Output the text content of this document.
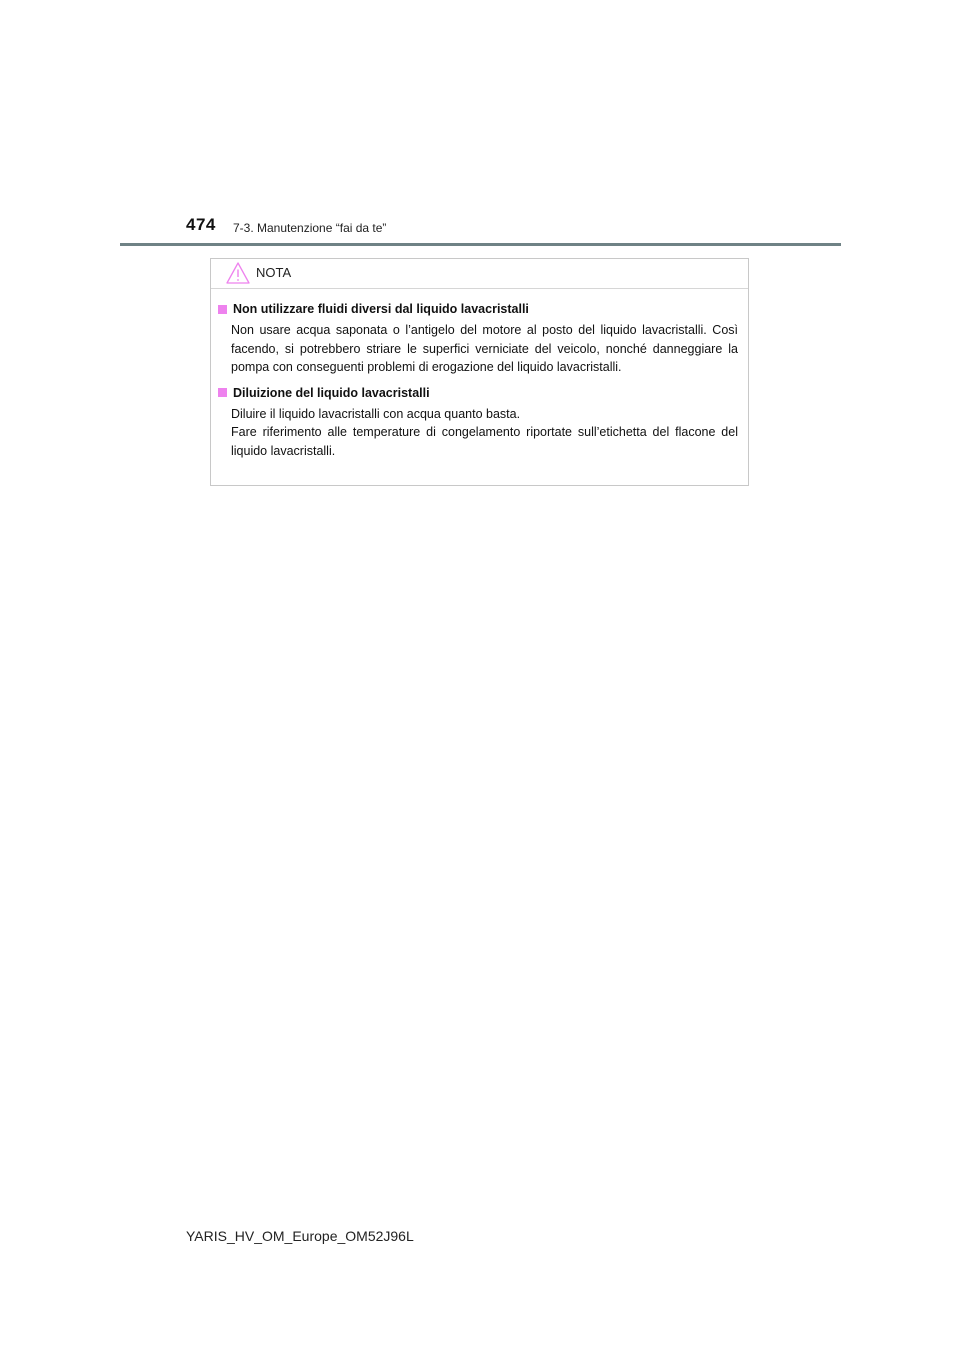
474 7-3. Manutenzione “fai da te”
NOTA
Non utilizzare fluidi diversi dal liquido lavacristalli
Non usare acqua saponata o l’antigelo del motore al posto del liquido lavacristalli. Così facendo, si potrebbero striare le superfici verniciate del veicolo, nonché danneggiare la pompa con conseguenti problemi di erogazione del liquido lavacristalli.
Diluizione del liquido lavacristalli
Diluire il liquido lavacristalli con acqua quanto basta.
Fare riferimento alle temperature di congelamento riportate sull’etichetta del flacone del liquido lavacristalli.
YARIS_HV_OM_Europe_OM52J96L
